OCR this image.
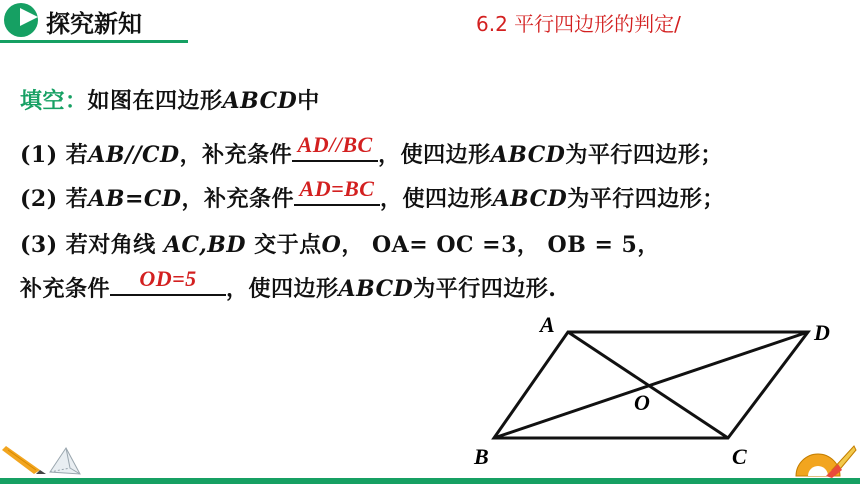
探究新知	6.2 平行四边形的判定/
填空：如图在四边形ABCD中
(1) 若AB//CD，补充条件 AD//BC ，使四边形ABCD为平行四边形；
(2) 若AB=CD，补充条件 AD=BC ，使四边形ABCD为平行四边形；
(3) 若对角线 AC,BD 交于点O， OA= OC =3， OB = 5，
补充条件	OD=5	，使四边形ABCD为平行四边形.
A	D
B	C
O
